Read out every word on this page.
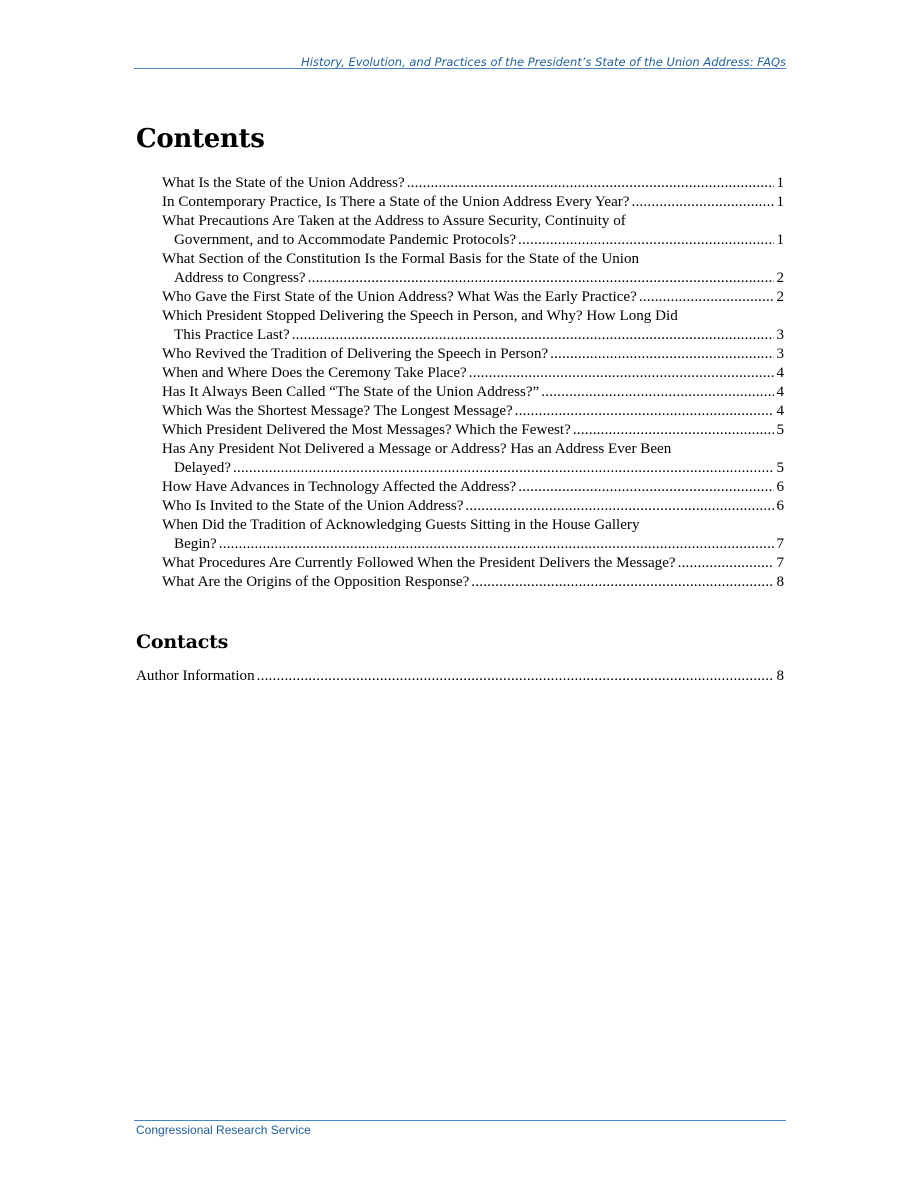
History, Evolution, and Practices of the President’s State of the Union Address: FAQs
Contents
What Is the State of the Union Address? .....	1
In Contemporary Practice, Is There a State of the Union Address Every Year? .....	1
What Precautions Are Taken at the Address to Assure Security, Continuity of
Government, and to Accommodate Pandemic Protocols? .....	1
What Section of the Constitution Is the Formal Basis for the State of the Union
Address to Congress? .....	2
Who Gave the First State of the Union Address? What Was the Early Practice? .....	2
Which President Stopped Delivering the Speech in Person, and Why? How Long Did
This Practice Last? .....	3
Who Revived the Tradition of Delivering the Speech in Person? .....	3
When and Where Does the Ceremony Take Place? .....	4
Has It Always Been Called “The State of the Union Address?” .....	4
Which Was the Shortest Message? The Longest Message? .....	4
Which President Delivered the Most Messages? Which the Fewest? .....	5
Has Any President Not Delivered a Message or Address? Has an Address Ever Been
Delayed? .....	5
How Have Advances in Technology Affected the Address? .....	6
Who Is Invited to the State of the Union Address? .....	6
When Did the Tradition of Acknowledging Guests Sitting in the House Gallery
Begin? .....	7
What Procedures Are Currently Followed When the President Delivers the Message? .....	7
What Are the Origins of the Opposition Response? .....	8
Contacts
Author Information .....	8
Congressional Research Service
